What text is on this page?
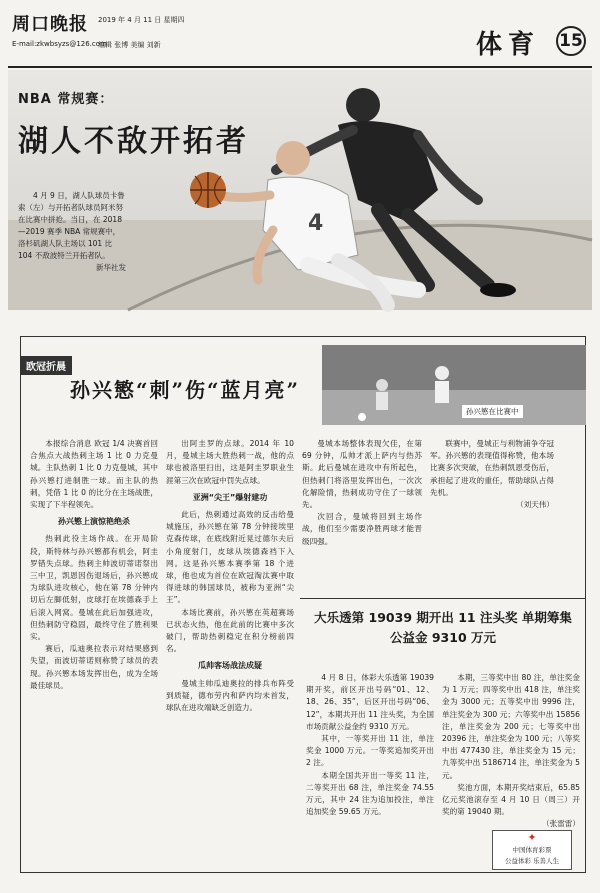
周口晚报 2019 年 4 月 11 日 星期四
E-mail:zkwbsyzs@126.com
编辑 张博 美编 刘新	体育 15
4
NBA 常规赛：
湖人不敌开拓者

4 月 9 日，湖人队球员卡鲁索（左）与开拓者队球员阿米努在比赛中拼抢。当日，在 2018—2019 赛季 NBA 常规赛中，洛杉矶湖人队主场以 101 比 104 不敌波特兰开拓者队。

新华社发
欧冠折晨
孙兴慜“刺”伤“蓝月亮”
孙兴慜在比赛中

本报综合消息 欧冠 1/4 决赛首回合焦点大战热刺主场 1 比 0 力克曼城。主队热刺 1 比 0 力克曼城，其中孙兴慜打进制胜一球。而主队的热刺，凭借 1 比 0 的比分在主场战胜，实现了下半程领先。

孙兴慜上演惊艳绝杀

热刺此役主场作战。在开局阶段，斯特林与孙兴慜都有机会，阿圭罗错失点球。热刺主帅波切蒂诺祭出三中卫，凯恩因伤退场后，孙兴慜成为球队进攻核心，他在第 78 分钟内切后左脚低射，皮球打在埃德森手上后滚入网窝。曼城在此后加强进攻，但热刺防守稳固，最终守住了胜利果实。

赛后，瓜迪奥拉表示对结果感到失望，而波切蒂诺则称赞了球员的表现。孙兴慜本场发挥出色，成为全场最佳球员。

出阿圭罗的点球。2014 年 10 月，曼城主场大胜热刺一战，他的点球也被洛里扫出，这是阿圭罗职业生涯第三次在欧冠中罚失点球。

亚洲“尖王”爆射建功

此后，热刺通过高效的反击给曼城施压，孙兴慜在第 78 分钟接埃里克森传球，在底线附近晃过德尔夫后小角度射门，皮球从埃德森裆下入网。这是孙兴慜本赛季第 18 个进球，他也成为首位在欧冠淘汰赛中取得进球的韩国球员，被称为亚洲“尖王”。

本场比赛前，孙兴慜在英超赛场已状态火热，他在此前的比赛中多次破门，帮助热刺稳定在积分榜前四名。

瓜帅客场战法成疑

曼城主帅瓜迪奥拉的排兵布阵受到质疑，德布劳内和萨内均未首发，球队在进攻端缺乏创造力。

曼城本场整体表现欠佳，在第 69 分钟，瓜帅才派上萨内与热苏斯。此后曼城在进攻中有所起色，但热刺门将洛里发挥出色，一次次化解险情，热刺成功守住了一球领先。

次回合，曼城将回到主场作战，他们至少需要净胜两球才能晋级四强。

联赛中，曼城正与利物浦争夺冠军。孙兴慜的表现值得称赞，他本场比赛多次突破，在热刺凯恩受伤后，承担起了进攻的重任，帮助球队占得先机。

（刘天伟）
大乐透第 19039 期开出 11 注头奖 单期筹集公益金 9310 万元

4 月 8 日，体彩大乐透第 19039 期开奖，前区开出号码“01、12、18、26、35”，后区开出号码“06、12”，本期共开出 11 注头奖，为全国市场贡献公益金约 9310 万元。

其中，一等奖开出 11 注，单注奖金 1000 万元。一等奖追加奖开出 2 注。

本期全国共开出一等奖 11 注，二等奖开出 68 注，单注奖金 74.55 万元，其中 24 注为追加投注，单注追加奖金 59.65 万元。

本期，三等奖中出 80 注，单注奖金为 1 万元；四等奖中出 418 注，单注奖金为 3000 元；五等奖中出 9996 注，单注奖金为 300 元；六等奖中出 15856 注，单注奖金为 200 元；七等奖中出 20396 注，单注奖金为 100 元；八等奖中出 477430 注，单注奖金为 15 元；九等奖中出 5186714 注，单注奖金为 5 元。

奖池方面，本期开奖结束后，65.85 亿元奖池滚存至 4 月 10 日（周三）开奖的第 19040 期。

（张雷雷）
✦
中国体育彩票
公益体彩 乐善人生
